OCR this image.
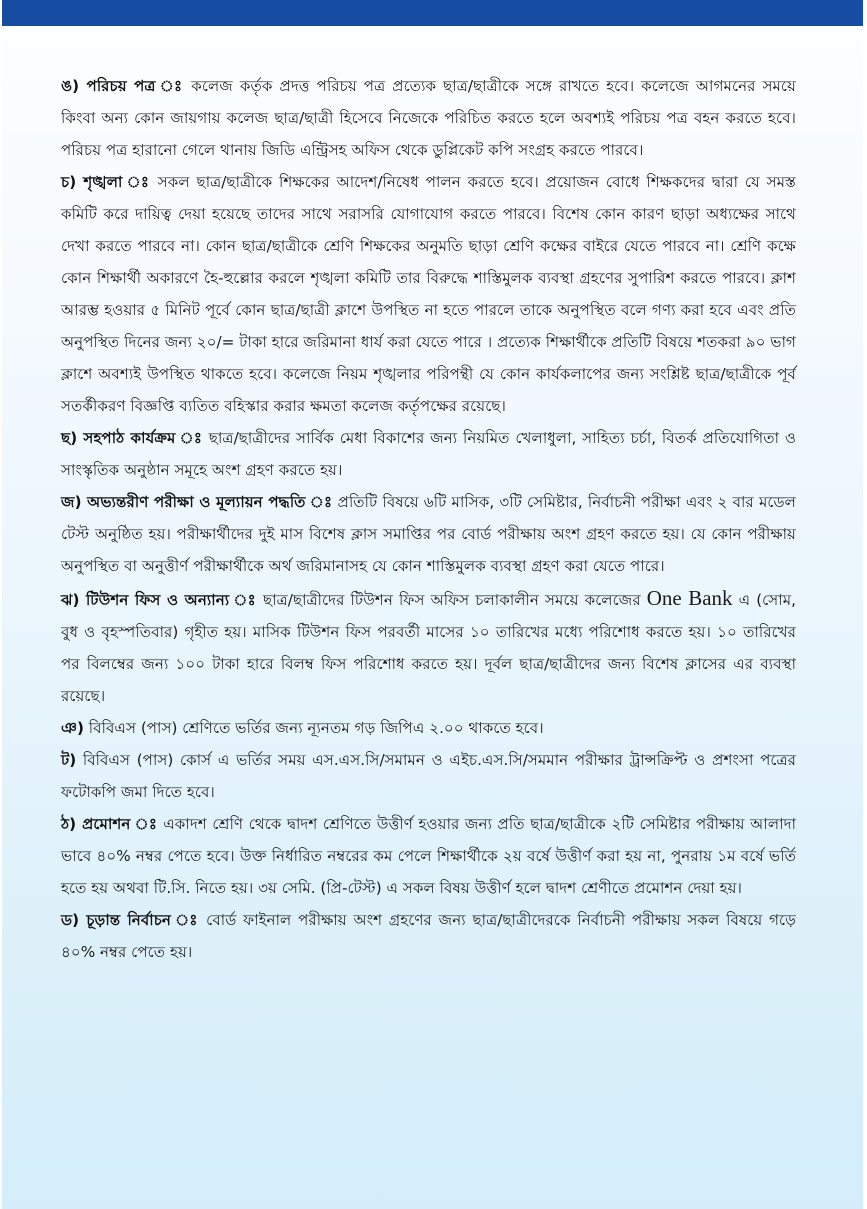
ঙ) পরিচয় পত্র ঃ কলেজ কর্তৃক প্রদত্ত পরিচয় পত্র প্রত্যেক ছাত্র/ছাত্রীকে সঙ্গে রাখতে হবে। কলেজে আগমনের সময়ে কিংবা অন্য কোন জায়গায় কলেজ ছাত্র/ছাত্রী হিসেবে নিজেকে পরিচিত করতে হলে অবশ্যই পরিচয় পত্র বহন করতে হবে। পরিচয় পত্র হারানো গেলে থানায় জিডি এন্ট্রিসহ অফিস থেকে ডুপ্লিকেট কপি সংগ্রহ করতে পারবে।

চ) শৃঙ্খলা ঃ সকল ছাত্র/ছাত্রীকে শিক্ষকের আদেশ/নিষেধ পালন করতে হবে। প্রয়োজন বোধে শিক্ষকদের দ্বারা যে সমস্ত কমিটি করে দায়িত্ব দেয়া হয়েছে তাদের সাথে সরাসরি যোগাযোগ করতে পারবে। বিশেষ কোন কারণ ছাড়া অধ্যক্ষের সাথে দেখা করতে পারবে না। কোন ছাত্র/ছাত্রীকে শ্রেণি শিক্ষকের অনুমতি ছাড়া শ্রেণি কক্ষের বাইরে যেতে পারবে না। শ্রেণি কক্ষে কোন শিক্ষার্থী অকারণে হৈ-হুল্লোর করলে শৃঙ্খলা কমিটি তার বিরুদ্ধে শাস্তিমুলক ব্যবস্থা গ্রহণের সুপারিশ করতে পারবে। ক্লাশ আরম্ভ হওয়ার ৫ মিনিট পূর্বে কোন ছাত্র/ছাত্রী ক্লাশে উপস্থিত না হতে পারলে তাকে অনুপস্থিত বলে গণ্য করা হবে এবং প্রতি অনুপস্থিত দিনের জন্য ২০/= টাকা হারে জরিমানা ধার্য করা যেতে পারে । প্রত্যেক শিক্ষার্থীকে প্রতিটি বিষয়ে শতকরা ৯০ ভাগ ক্লাশে অবশ্যই উপস্থিত থাকতে হবে। কলেজে নিয়ম শৃঙ্খলার পরিপন্থী যে কোন কার্যকলাপের জন্য সংশ্লিষ্ট ছাত্র/ছাত্রীকে পূর্ব সতর্কীকরণ বিজ্ঞপ্তি ব্যতিত বহিস্কার করার ক্ষমতা কলেজ কর্তৃপক্ষের রয়েছে।

ছ) সহপাঠ কার্যক্রম ঃ ছাত্র/ছাত্রীদের সার্বিক মেধা বিকাশের জন্য নিয়মিত খেলাধুলা, সাহিত্য চর্চা, বিতর্ক প্রতিযোগিতা ও সাংস্কৃতিক অনুষ্ঠান সমূহে অংশ গ্রহণ করতে হয়।

জ) অভ্যন্তরীণ পরীক্ষা ও মূল্যায়ন পদ্ধতি ঃ প্রতিটি বিষয়ে ৬টি মাসিক, ৩টি সেমিষ্টার, নির্বাচনী পরীক্ষা এবং ২ বার মডেল টেস্ট অনুষ্ঠিত হয়। পরীক্ষার্থীদের দুই মাস বিশেষ ক্লাস সমাপ্তির পর বোর্ড পরীক্ষায় অংশ গ্রহণ করতে হয়। যে কোন পরীক্ষায় অনুপস্থিত বা অনুত্তীর্ণ পরীক্ষার্থীকে অর্থ জরিমানাসহ যে কোন শাস্তিমুলক ব্যবস্থা গ্রহণ করা যেতে পারে।

ঝ) টিউশন ফিস ও অন্যান্য ঃ ছাত্র/ছাত্রীদের টিউশন ফিস অফিস চলাকালীন সময়ে কলেজের One Bank এ (সোম, বুধ ও বৃহস্পতিবার) গৃহীত হয়। মাসিক টিউশন ফিস পরবর্তী মাসের ১০ তারিখের মধ্যে পরিশোধ করতে হয়। ১০ তারিখের পর বিলম্বের জন্য ১০০ টাকা হারে বিলম্ব ফিস পরিশোধ করতে হয়। দূর্বল ছাত্র/ছাত্রীদের জন্য বিশেষ ক্লাসের এর ব্যবস্থা রয়েছে।

ঞ) বিবিএস (পাস) শ্রেণিতে ভর্তির জন্য ন্যূনতম গড় জিপিএ ২.০০ থাকতে হবে।

ট) বিবিএস (পাস) কোর্স এ ভর্তির সময় এস.এস.সি/সমামন ও এইচ.এস.সি/সমমান পরীক্ষার ট্রান্সক্রিপ্ট ও প্রশংসা পত্রের ফটোকপি জমা দিতে হবে।

ঠ) প্রমোশন ঃ একাদশ শ্রেণি থেকে দ্বাদশ শ্রেণিতে উত্তীর্ণ হওয়ার জন্য প্রতি ছাত্র/ছাত্রীকে ২টি সেমিষ্টার পরীক্ষায় আলাদা ভাবে ৪০% নম্বর পেতে হবে। উক্ত নির্ধারিত নম্বরের কম পেলে শিক্ষার্থীকে ২য় বর্ষে উত্তীর্ণ করা হয় না, পুনরায় ১ম বর্ষে ভর্তি হতে হয় অথবা টি.সি. নিতে হয়। ৩য় সেমি. (প্রি-টেস্ট) এ সকল বিষয় উত্তীর্ণ হলে দ্বাদশ শ্রেণীতে প্রমোশন দেয়া হয়।

ড) চূড়ান্ত নির্বাচন ঃ বোর্ড ফাইনাল পরীক্ষায় অংশ গ্রহণের জন্য ছাত্র/ছাত্রীদেরকে নির্বাচনী পরীক্ষায় সকল বিষয়ে গড়ে ৪০% নম্বর পেতে হয়।
